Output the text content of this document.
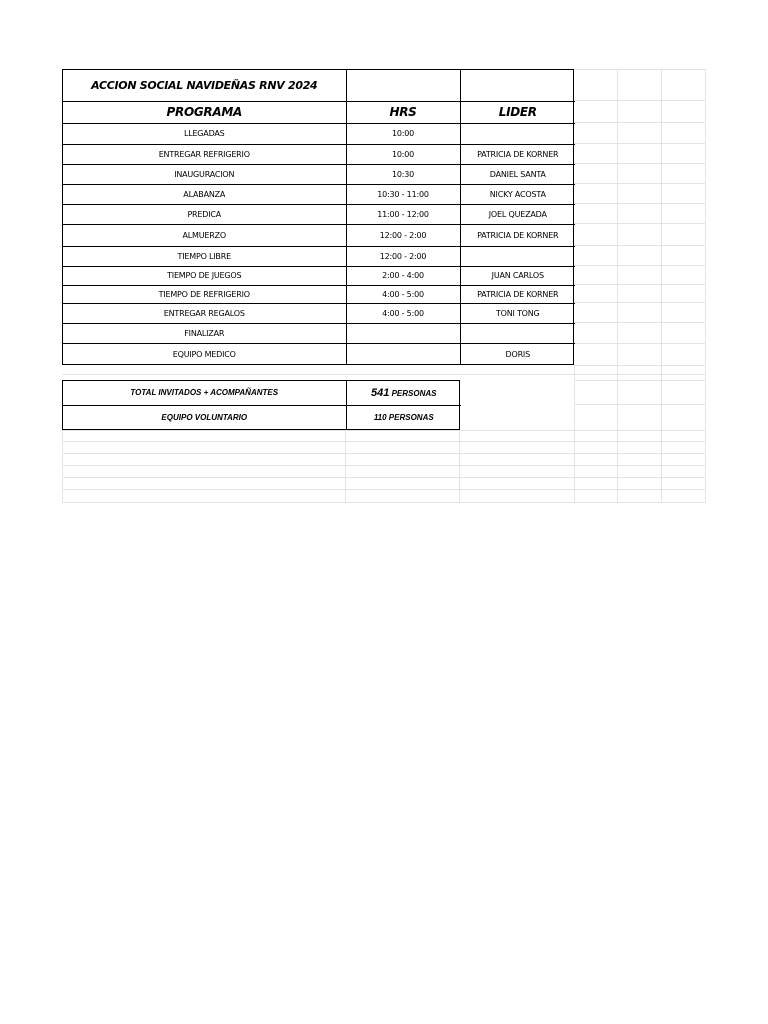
ACCION SOCIAL NAVIDEÑAS RNV 2024		
PROGRAMA	HRS	LIDER
LLEGADAS	10:00	
ENTREGAR REFRIGERIO	10:00	PATRICIA DE KORNER
INAUGURACION	10:30	DANIEL SANTA
ALABANZA	10:30 - 11:00	NICKY ACOSTA
PREDICA	11:00 - 12:00	JOEL QUEZADA
ALMUERZO	12:00 - 2:00	PATRICIA DE KORNER
TIEMPO LIBRE	12:00 - 2:00	
TIEMPO DE JUEGOS	2:00 - 4:00	JUAN CARLOS
TIEMPO DE REFRIGERIO	4:00 - 5:00	PATRICIA DE KORNER
ENTREGAR REGALOS	4:00 - 5:00	TONI TONG
FINALIZAR		
EQUIPO MEDICO		DORIS
TOTAL INVITADOS + ACOMPAÑANTES	541 PERSONAS
EQUIPO VOLUNTARIO	110 PERSONAS
